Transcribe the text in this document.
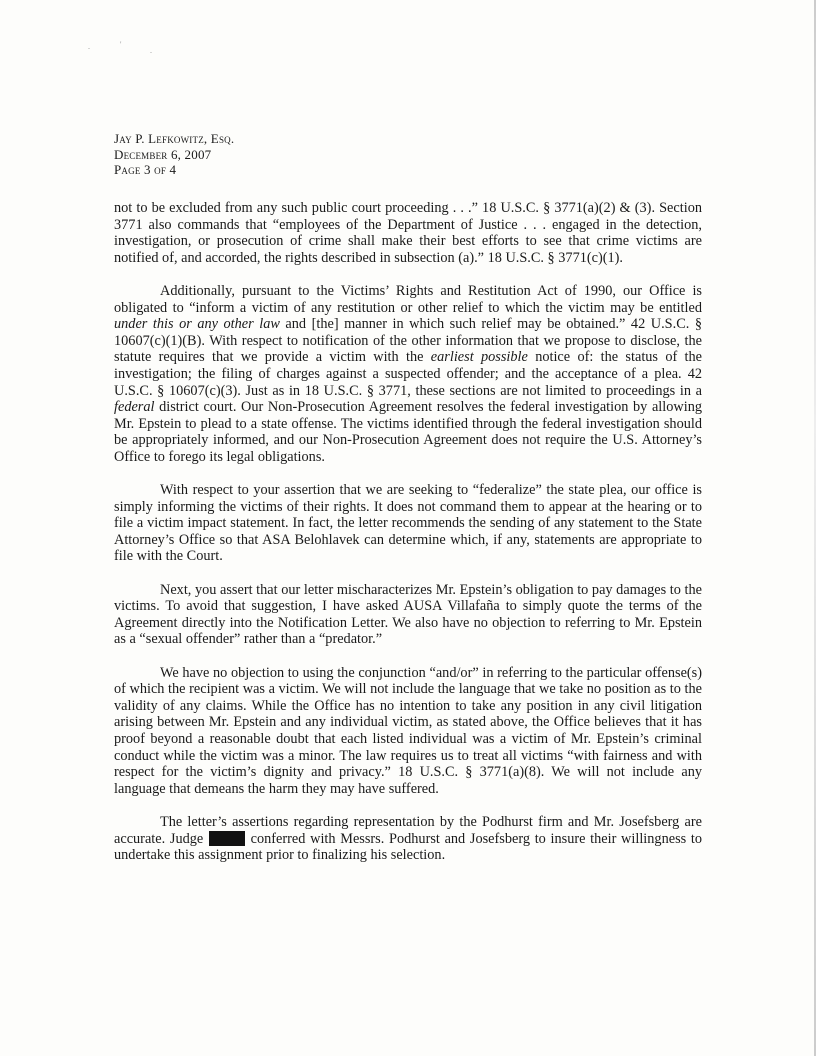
.	'
.
Jay P. Lefkowitz, Esq.
December 6, 2007
Page 3 of 4

not to be excluded from any such public court proceeding . . .” 18 U.S.C. § 3771(a)(2) & (3). Section 3771 also commands that “employees of the Department of Justice . . . engaged in the detection, investigation, or prosecution of crime shall make their best efforts to see that crime victims are notified of, and accorded, the rights described in subsection (a).” 18 U.S.C. § 3771(c)(1).

Additionally, pursuant to the Victims’ Rights and Restitution Act of 1990, our Office is obligated to “inform a victim of any restitution or other relief to which the victim may be entitled under this or any other law and [the] manner in which such relief may be obtained.” 42 U.S.C. § 10607(c)(1)(B). With respect to notification of the other information that we propose to disclose, the statute requires that we provide a victim with the earliest possible notice of: the status of the investigation; the filing of charges against a suspected offender; and the acceptance of a plea. 42 U.S.C. § 10607(c)(3). Just as in 18 U.S.C. § 3771, these sections are not limited to proceedings in a federal district court. Our Non-Prosecution Agreement resolves the federal investigation by allowing Mr. Epstein to plead to a state offense. The victims identified through the federal investigation should be appropriately informed, and our Non-Prosecution Agreement does not require the U.S. Attorney’s Office to forego its legal obligations.

With respect to your assertion that we are seeking to “federalize” the state plea, our office is simply informing the victims of their rights. It does not command them to appear at the hearing or to file a victim impact statement. In fact, the letter recommends the sending of any statement to the State Attorney’s Office so that ASA Belohlavek can determine which, if any, statements are appropriate to file with the Court.

Next, you assert that our letter mischaracterizes Mr. Epstein’s obligation to pay damages to the victims. To avoid that suggestion, I have asked AUSA Villafaña to simply quote the terms of the Agreement directly into the Notification Letter. We also have no objection to referring to Mr. Epstein as a “sexual offender” rather than a “predator.”

We have no objection to using the conjunction “and/or” in referring to the particular offense(s) of which the recipient was a victim. We will not include the language that we take no position as to the validity of any claims. While the Office has no intention to take any position in any civil litigation arising between Mr. Epstein and any individual victim, as stated above, the Office believes that it has proof beyond a reasonable doubt that each listed individual was a victim of Mr. Epstein’s criminal conduct while the victim was a minor. The law requires us to treat all victims “with fairness and with respect for the victim’s dignity and privacy.” 18 U.S.C. § 3771(a)(8). We will not include any language that demeans the harm they may have suffered.

The letter’s assertions regarding representation by the Podhurst firm and Mr. Josefsberg are accurate. Judge	conferred with Messrs. Podhurst and Josefsberg to insure their willingness to undertake this assignment prior to finalizing his selection.
